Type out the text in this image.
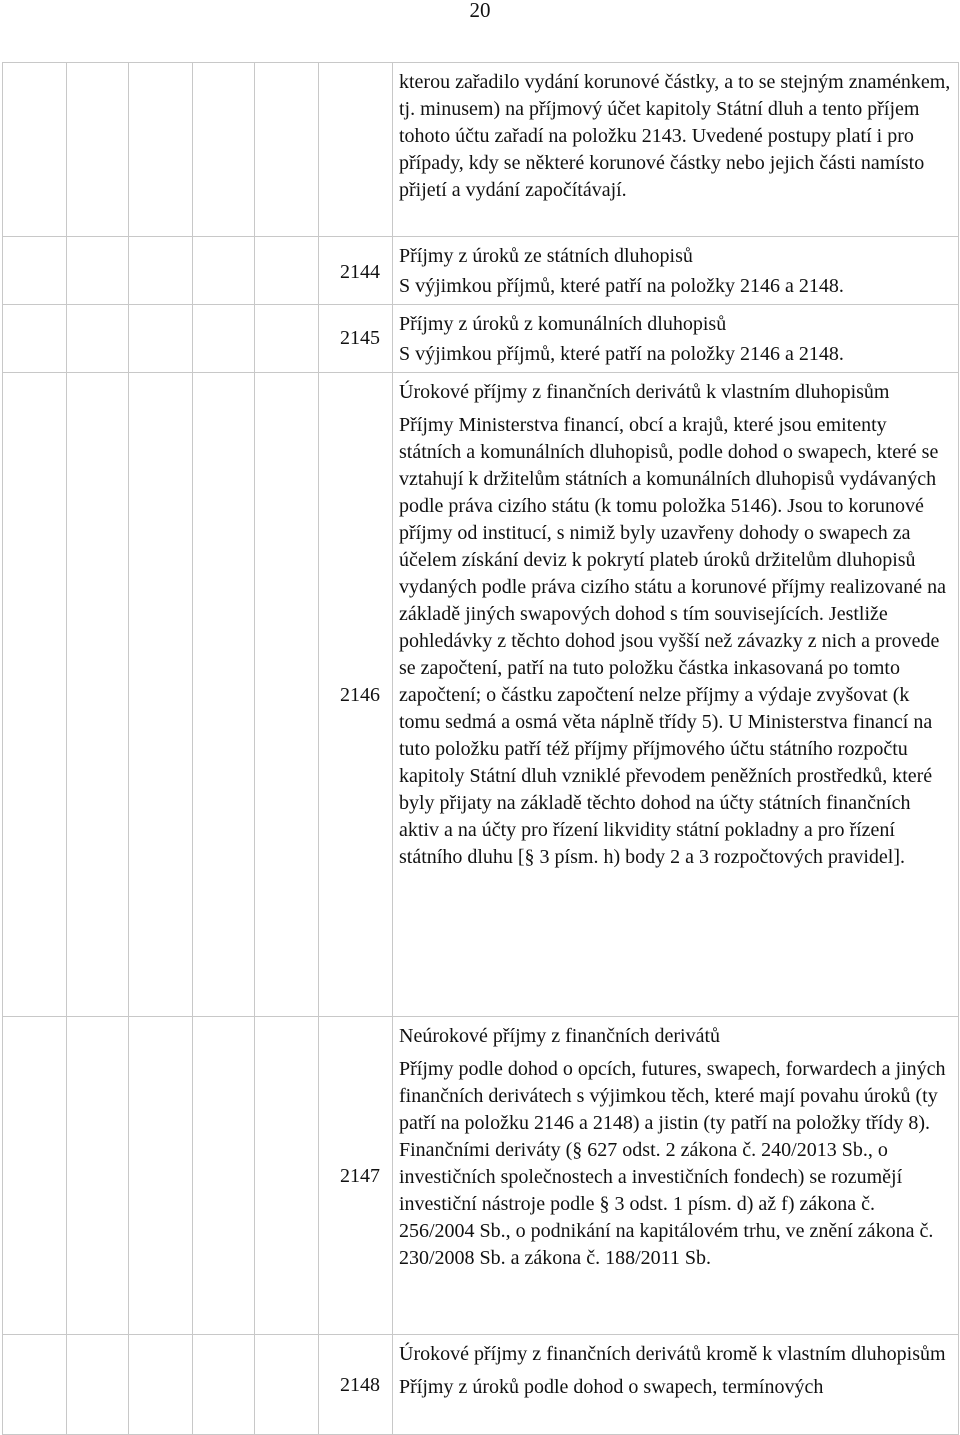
20

						kterou zařadilo vydání korunové částky, a to se stejným znaménkem, tj. minusem) na příjmový účet kapitoly Státní dluh a tento příjem tohoto účtu zařadí na položku 2143. Uvedené postupy platí i pro případy, kdy se některé korunové částky nebo jejich části namísto přijetí a vydání započítávají.

					2144	Příjmy z úroků ze státních dluhopisů
S výjimkou příjmů, které patří na položky 2146 a 2148.

					2145	Příjmy z úroků z komunálních dluhopisů
S výjimkou příjmů, které patří na položky 2146 a 2148.

					2146	Úrokové příjmy z finančních derivátů k vlastním dluhopisům
Příjmy Ministerstva financí, obcí a krajů, které jsou emitenty státních a komunálních dluhopisů, podle dohod o swapech, které se vztahují k držitelům státních a komunálních dluhopisů vydávaných podle práva cizího státu (k tomu položka 5146). Jsou to korunové příjmy od institucí, s nimiž byly uzavřeny dohody o swapech za účelem získání deviz k pokrytí plateb úroků držitelům dluhopisů vydaných podle práva cizího státu a korunové příjmy realizované na základě jiných swapových dohod s tím souvisejících. Jestliže pohledávky z těchto dohod jsou vyšší než závazky z nich a provede se započtení, patří na tuto položku částka inkasovaná po tomto započtení; o částku započtení nelze příjmy a výdaje zvyšovat (k tomu sedmá a osmá věta náplně třídy 5). U Ministerstva financí na tuto položku patří též příjmy příjmového účtu státního rozpočtu kapitoly Státní dluh vzniklé převodem peněžních prostředků, které byly přijaty na základě těchto dohod na účty státních finančních aktiv a na účty pro řízení likvidity státní pokladny a pro řízení státního dluhu [§ 3 písm. h) body 2 a 3 rozpočtových pravidel].

					2147	Neúrokové příjmy z finančních derivátů
Příjmy podle dohod o opcích, futures, swapech, forwardech a jiných finančních derivátech s výjimkou těch, které mají povahu úroků (ty patří na položku 2146 a 2148) a jistin (ty patří na položky třídy 8). Finančními deriváty (§ 627 odst. 2 zákona č. 240/2013 Sb., o investičních společnostech a investičních fondech) se rozumějí investiční nástroje podle § 3 odst. 1 písm. d) až f) zákona č. 256/2004 Sb., o podnikání na kapitálovém trhu, ve znění zákona č. 230/2008 Sb. a zákona č. 188/2011 Sb.

					2148	Úrokové příjmy z finančních derivátů kromě k vlastním dluhopisům
Příjmy z úroků podle dohod o swapech, termínových
